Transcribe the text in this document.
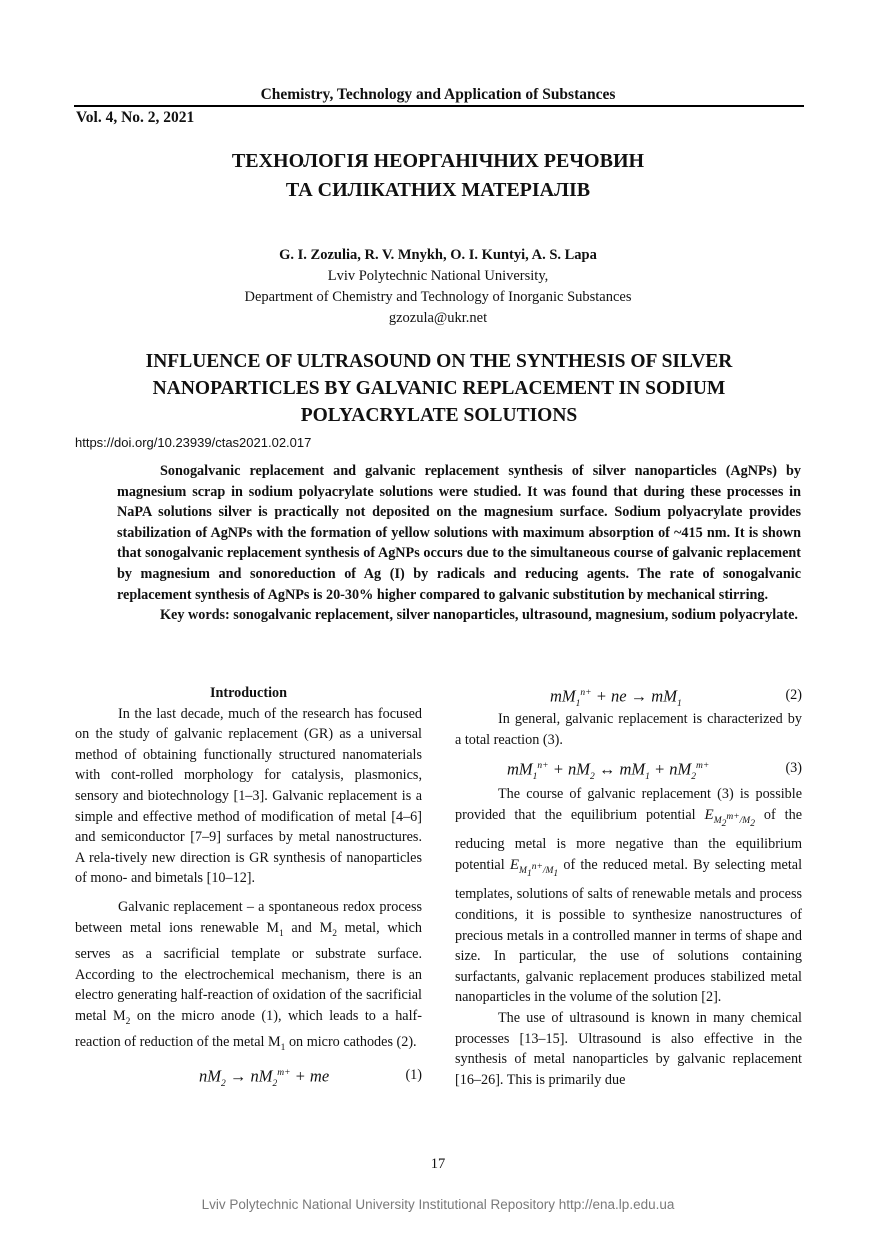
Chemistry, Technology and Application of Substances
Vol. 4, No. 2, 2021
ТЕХНОЛОГІЯ НЕОРГАНІЧНИХ РЕЧОВИН
ТА СИЛІКАТНИХ МАТЕРІАЛІВ
G. I. Zozulia, R. V. Mnykh, O. I. Kuntyi, A. S. Lapa
Lviv Polytechnic National University,
Department of Chemistry and Technology of Inorganic Substances
gzozula@ukr.net
INFLUENCE OF ULTRASOUND ON THE SYNTHESIS OF SILVER
NANOPARTICLES BY GALVANIC REPLACEMENT IN SODIUM
POLYACRYLATE SOLUTIONS
https://doi.org/10.23939/ctas2021.02.017

Sonogalvanic replacement and galvanic replacement synthesis of silver nanoparticles (AgNPs) by magnesium scrap in sodium polyacrylate solutions were studied. It was found that during these processes in NaPA solutions silver is practically not deposited on the magnesium surface. Sodium polyacrylate provides stabilization of AgNPs with the formation of yellow solutions with maximum absorption of ~415 nm. It is shown that sonogalvanic replacement synthesis of AgNPs occurs due to the simultaneous course of galvanic replacement by magnesium and sonoreduction of Ag (I) by radicals and reducing agents. The rate of sonogalvanic replacement synthesis of AgNPs is 20-30% higher compared to galvanic substitution by mechanical stirring.

Key words: sonogalvanic replacement, silver nanoparticles, ultrasound, magnesium, sodium polyacrylate.

Introduction

In the last decade, much of the research has focused on the study of galvanic replacement (GR) as a universal method of obtaining functionally structured nanomaterials with cont-rolled morphology for catalysis, plasmonics, sensory and biotechnology [1–3]. Galvanic replacement is a simple and effective method of modification of metal [4–6] and semiconductor [7–9] surfaces by metal nanostructures. A rela-tively new direction is GR synthesis of nanoparticles of mono- and bimetals [10–12].

Galvanic replacement – a spontaneous redox process between metal ions renewable $M_1$ and $M_2$ metal, which serves as a sacrificial template or substrate surface. According to the electrochemical mechanism, there is an electro generating half-reaction of oxidation of the sacrificial metal $M_2$ on the micro anode (1), which leads to a half-reaction of reduction of the metal $M_1$ on micro cathodes (2).

$nM_2 \to nM_2^{m+}$ + me	(1)
$mM_1^{n+}$ + ne → $mM_1$
(2)

In general, galvanic replacement is characterized by a total reaction (3).

$mM_1^{n+} + nM_2$ ↔ $mM_1 + nM_2^{m+}$	(3)

The course of galvanic replacement (3) is possible provided that the equilibrium potential $E_{M_2^{m+}/M_2}$ of the reducing metal is more negative than the equilibrium potential $E_{M_1^{n+}/M_1}$ of the reduced metal. By selecting metal templates, solutions of salts of renewable metals and process conditions, it is possible to synthesize nanostructures of precious metals in a controlled manner in terms of shape and size. In particular, the use of solutions containing surfactants, galvanic replacement produces stabilized metal nanoparticles in the volume of the solution [2].

The use of ultrasound is known in many chemical processes [13–15]. Ultrasound is also effective in the synthesis of metal nanoparticles by galvanic replacement [16–26]. This is primarily due

17
Lviv Polytechnic National University Institutional Repository http://ena.lp.edu.ua
